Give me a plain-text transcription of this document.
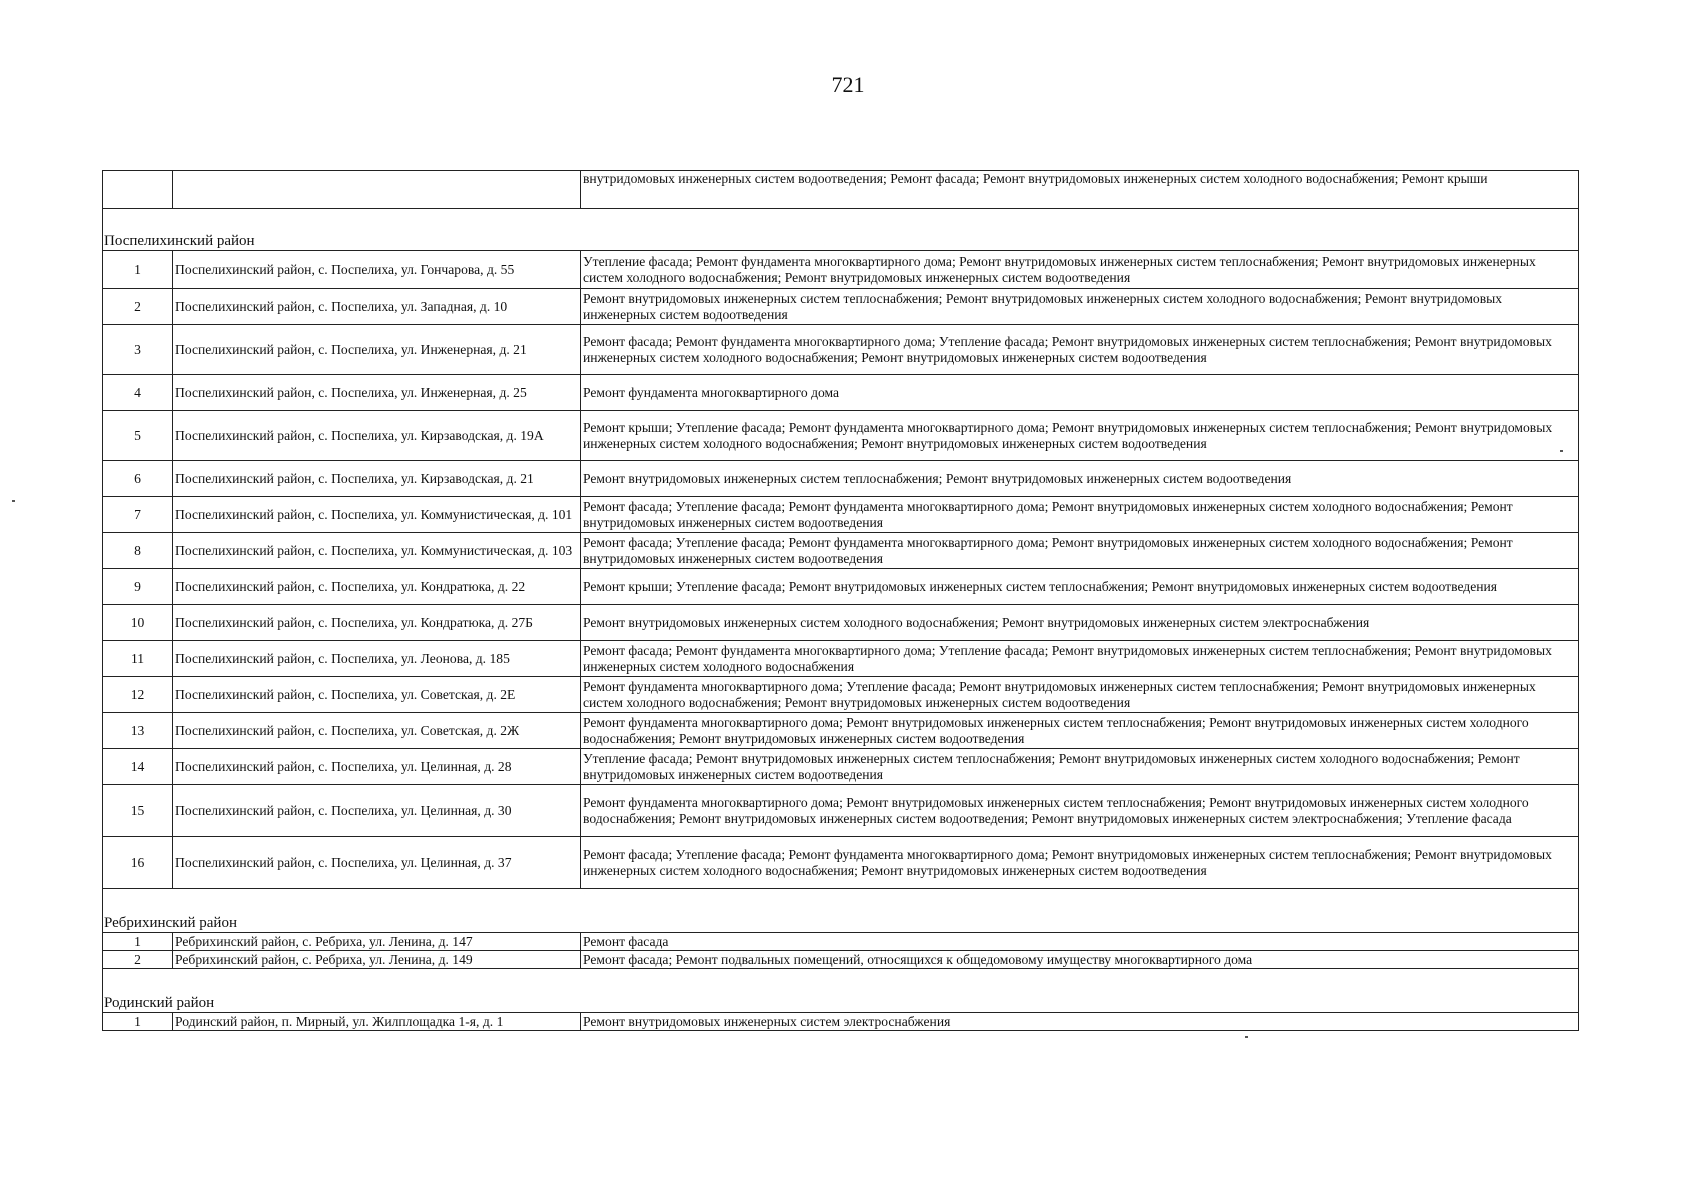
721
		внутридомовых инженерных систем водоотведения; Ремонт фасада; Ремонт внутридомовых инженерных систем холодного водоснабжения; Ремонт крыши
Поспелихинский район		
1	Поспелихинский район, с. Поспелиха, ул. Гончарова, д. 55	Утепление фасада; Ремонт фундамента многоквартирного дома; Ремонт внутридомовых инженерных систем теплоснабжения; Ремонт внутридомовых инженерных систем холодного водоснабжения; Ремонт внутридомовых инженерных систем водоотведения
2	Поспелихинский район, с. Поспелиха, ул. Западная, д. 10	Ремонт внутридомовых инженерных систем теплоснабжения; Ремонт внутридомовых инженерных систем холодного водоснабжения; Ремонт внутридомовых инженерных систем водоотведения
3	Поспелихинский район, с. Поспелиха, ул. Инженерная, д. 21	Ремонт фасада; Ремонт фундамента многоквартирного дома; Утепление фасада; Ремонт внутридомовых инженерных систем теплоснабжения; Ремонт внутридомовых инженерных систем холодного водоснабжения; Ремонт внутридомовых инженерных систем водоотведения
4	Поспелихинский район, с. Поспелиха, ул. Инженерная, д. 25	Ремонт фундамента многоквартирного дома
5	Поспелихинский район, с. Поспелиха, ул. Кирзаводская, д. 19А	Ремонт крыши; Утепление фасада; Ремонт фундамента многоквартирного дома; Ремонт внутридомовых инженерных систем теплоснабжения; Ремонт внутридомовых инженерных систем холодного водоснабжения; Ремонт внутридомовых инженерных систем водоотведения
6	Поспелихинский район, с. Поспелиха, ул. Кирзаводская, д. 21	Ремонт внутридомовых инженерных систем теплоснабжения; Ремонт внутридомовых инженерных систем водоотведения
7	Поспелихинский район, с. Поспелиха, ул. Коммунистическая, д. 101	Ремонт фасада; Утепление фасада; Ремонт фундамента многоквартирного дома; Ремонт внутридомовых инженерных систем холодного водоснабжения; Ремонт внутридомовых инженерных систем водоотведения
8	Поспелихинский район, с. Поспелиха, ул. Коммунистическая, д. 103	Ремонт фасада; Утепление фасада; Ремонт фундамента многоквартирного дома; Ремонт внутридомовых инженерных систем холодного водоснабжения; Ремонт внутридомовых инженерных систем водоотведения
9	Поспелихинский район, с. Поспелиха, ул. Кондратюка, д. 22	Ремонт крыши; Утепление фасада; Ремонт внутридомовых инженерных систем теплоснабжения; Ремонт внутридомовых инженерных систем водоотведения
10	Поспелихинский район, с. Поспелиха, ул. Кондратюка, д. 27Б	Ремонт внутридомовых инженерных систем холодного водоснабжения; Ремонт внутридомовых инженерных систем электроснабжения
11	Поспелихинский район, с. Поспелиха, ул. Леонова, д. 185	Ремонт фасада; Ремонт фундамента многоквартирного дома; Утепление фасада; Ремонт внутридомовых инженерных систем теплоснабжения; Ремонт внутридомовых инженерных систем холодного водоснабжения
12	Поспелихинский район, с. Поспелиха, ул. Советская, д. 2Е	Ремонт фундамента многоквартирного дома; Утепление фасада; Ремонт внутридомовых инженерных систем теплоснабжения; Ремонт внутридомовых инженерных систем холодного водоснабжения; Ремонт внутридомовых инженерных систем водоотведения
13	Поспелихинский район, с. Поспелиха, ул. Советская, д. 2Ж	Ремонт фундамента многоквартирного дома; Ремонт внутридомовых инженерных систем теплоснабжения; Ремонт внутридомовых инженерных систем холодного водоснабжения; Ремонт внутридомовых инженерных систем водоотведения
14	Поспелихинский район, с. Поспелиха, ул. Целинная, д. 28	Утепление фасада; Ремонт внутридомовых инженерных систем теплоснабжения; Ремонт внутридомовых инженерных систем холодного водоснабжения; Ремонт внутридомовых инженерных систем водоотведения
15	Поспелихинский район, с. Поспелиха, ул. Целинная, д. 30	Ремонт фундамента многоквартирного дома; Ремонт внутридомовых инженерных систем теплоснабжения; Ремонт внутридомовых инженерных систем холодного водоснабжения; Ремонт внутридомовых инженерных систем водоотведения; Ремонт внутридомовых инженерных систем электроснабжения; Утепление фасада
16	Поспелихинский район, с. Поспелиха, ул. Целинная, д. 37	Ремонт фасада; Утепление фасада; Ремонт фундамента многоквартирного дома; Ремонт внутридомовых инженерных систем теплоснабжения; Ремонт внутридомовых инженерных систем холодного водоснабжения; Ремонт внутридомовых инженерных систем водоотведения
Ребрихинский район		
1	Ребрихинский район, с. Ребриха, ул. Ленина, д. 147	Ремонт фасада
2	Ребрихинский район, с. Ребриха, ул. Ленина, д. 149	Ремонт фасада; Ремонт подвальных помещений, относящихся к общедомовому имуществу многоквартирного дома
Родинский район		
1	Родинский район, п. Мирный, ул. Жилплощадка 1-я, д. 1	Ремонт внутридомовых инженерных систем электроснабжения
